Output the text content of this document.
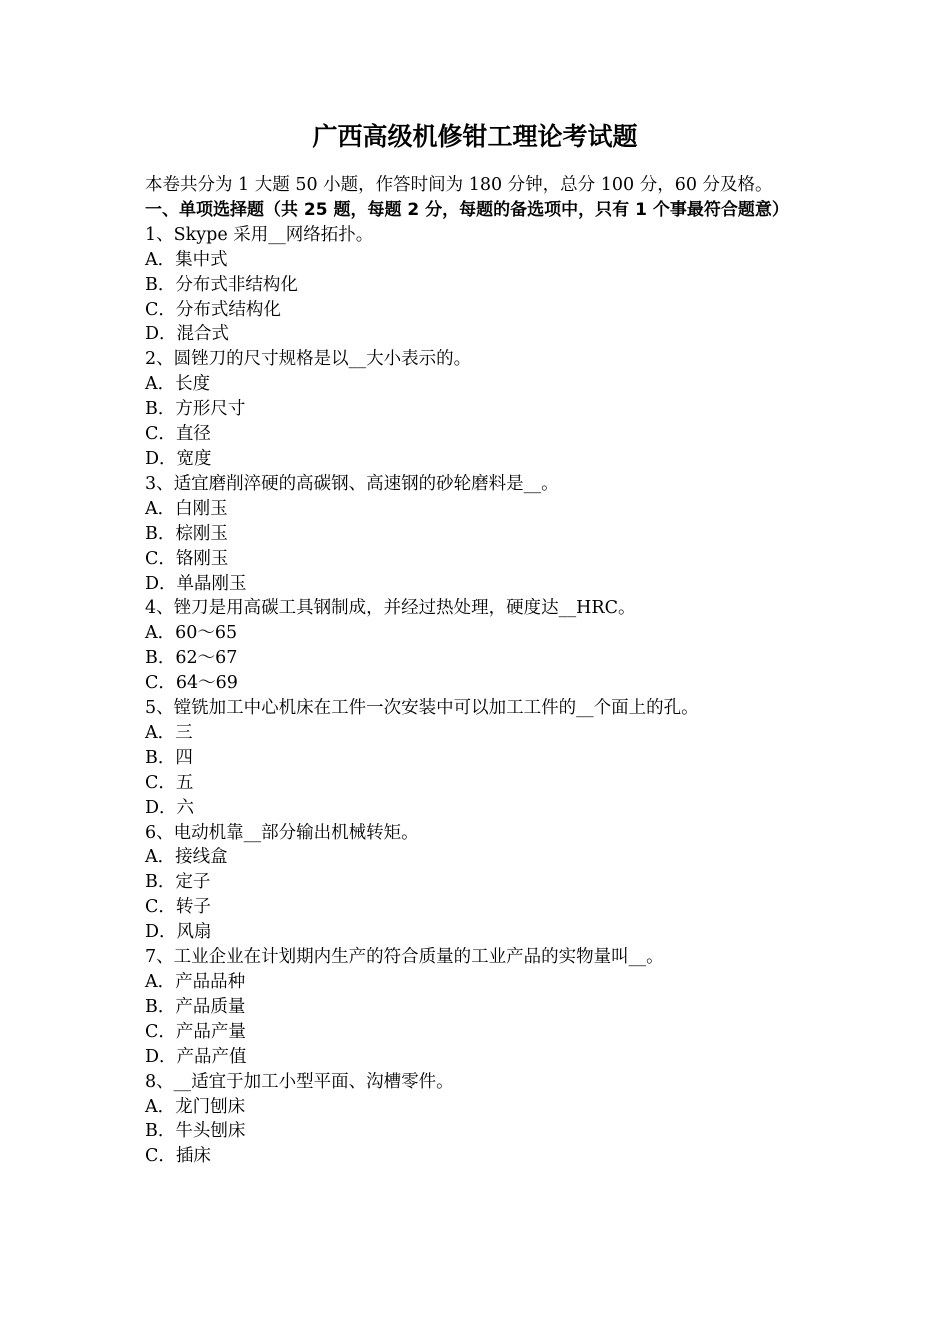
广西高级机修钳工理论考试题
本卷共分为 1 大题 50 小题，作答时间为 180 分钟，总分 100 分，60 分及格。
一、单项选择题（共 25 题，每题 2 分，每题的备选项中，只有 1 个事最符合题意）
1、Skype 采用__网络拓扑。
A．集中式
B．分布式非结构化
C．分布式结构化
D．混合式
2、圆锉刀的尺寸规格是以__大小表示的。
A．长度
B．方形尺寸
C．直径
D．宽度
3、适宜磨削淬硬的高碳钢、高速钢的砂轮磨料是__。
A．白刚玉
B．棕刚玉
C．铬刚玉
D．单晶刚玉
4、锉刀是用高碳工具钢制成，并经过热处理，硬度达__HRC。
A．60～65
B．62～67
C．64～69
5、镗铣加工中心机床在工件一次安装中可以加工工件的__个面上的孔。
A．三
B．四
C．五
D．六
6、电动机靠__部分输出机械转矩。
A．接线盒
B．定子
C．转子
D．风扇
7、工业企业在计划期内生产的符合质量的工业产品的实物量叫__。
A．产品品种
B．产品质量
C．产品产量
D．产品产值
8、__适宜于加工小型平面、沟槽零件。
A．龙门刨床
B．牛头刨床
C．插床
